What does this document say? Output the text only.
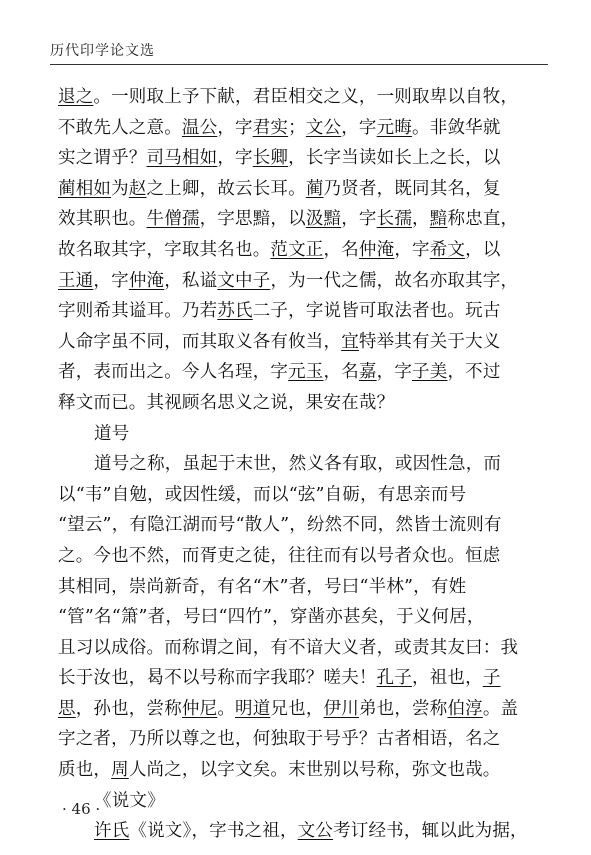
历代印学论文选
退之。一则取上予下献，君臣相交之义，一则取卑以自牧，
不敢先人之意。温公，字君实；文公，字元晦。非敛华就
实之谓乎？司马相如，字长卿，长字当读如长上之长，以
蔺相如为赵之上卿，故云长耳。蔺乃贤者，既同其名，复
效其职也。牛僧孺，字思黯，以汲黯，字长孺，黯称忠直，
故名取其字，字取其名也。范文正，名仲淹，字希文，以
王通，字仲淹，私谥文中子，为一代之儒，故名亦取其字，
字则希其谥耳。乃若苏氏二子，字说皆可取法者也。玩古
人命字虽不同，而其取义各有攸当，宜特举其有关于大义
者，表而出之。今人名珵，字元玉，名嘉，字子美，不过
释文而已。其视顾名思义之说，果安在哉？
道号
道号之称，虽起于末世，然义各有取，或因性急，而
以“韦”自勉，或因性缓，而以“弦”自砺，有思亲而号
“望云”，有隐江湖而号“散人”，纷然不同，然皆士流则有
之。今也不然，而胥吏之徒，往往而有以号者众也。恒虑
其相同，崇尚新奇，有名“木”者，号曰“半林”，有姓
“管”名“箫”者，号曰“四竹”，穿凿亦甚矣，于义何居，
且习以成俗。而称谓之间，有不谙大义者，或责其友曰：我
长于汝也，曷不以号称而字我耶？嗟夫！孔子，祖也，子
思，孙也，尝称仲尼。明道兄也，伊川弟也，尝称伯淳。盖
字之者，乃所以尊之也，何独取于号乎？古者相语，名之
质也，周人尚之，以字文矣。末世别以号称，弥文也哉。
《说文》
许氏《说文》，字书之祖，文公考订经书，辄以此为据，
· 46 ·
